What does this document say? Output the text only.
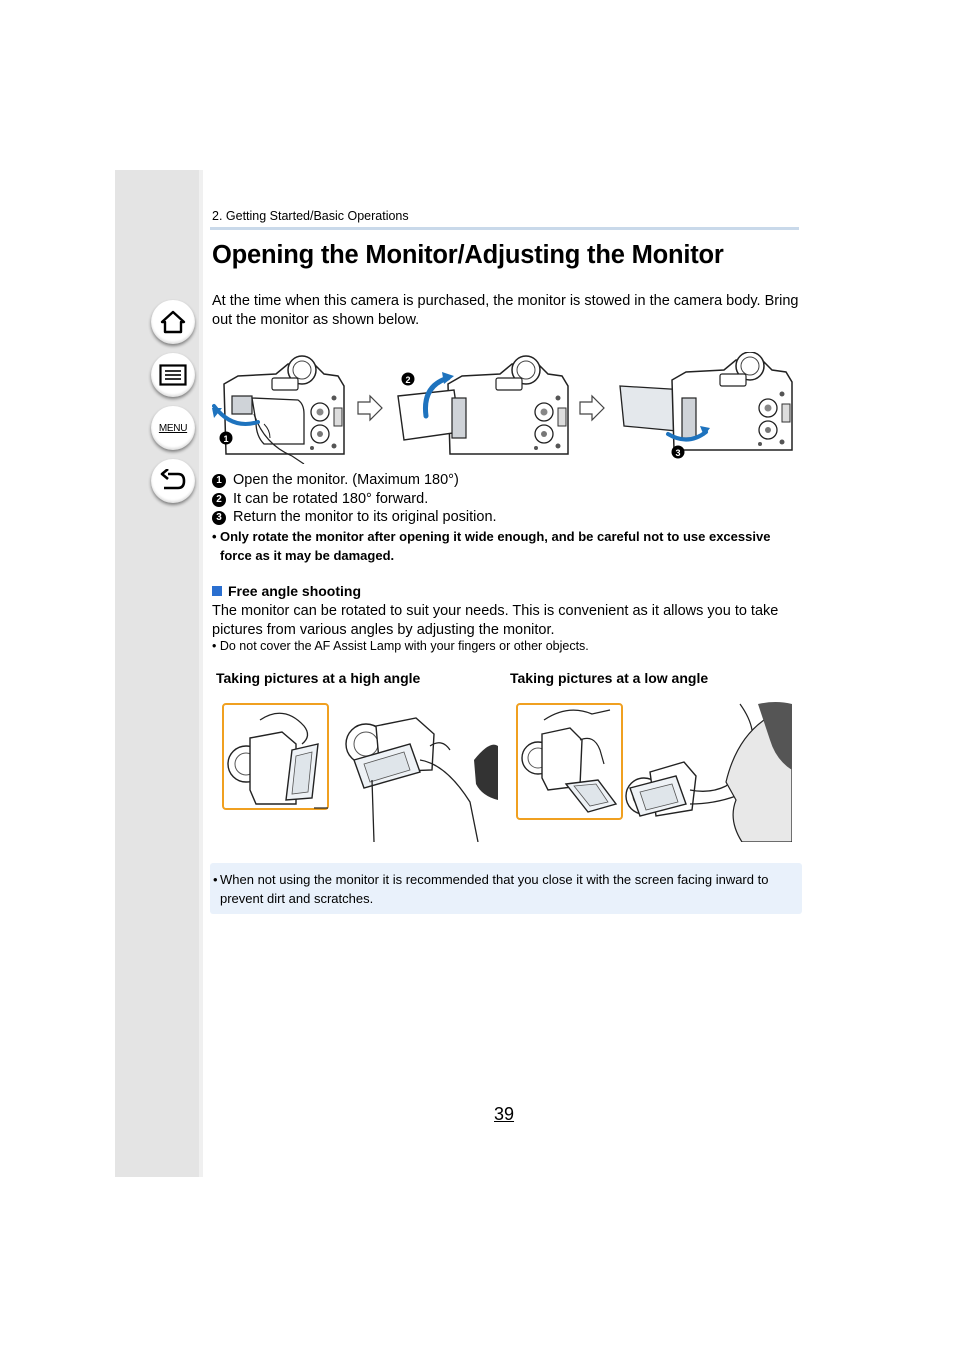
MENU
2. Getting Started/Basic Operations
Opening the Monitor/Adjusting the Monitor

At the time when this camera is purchased, the monitor is stowed in the camera body. Bring out the monitor as shown below.

1
2
3
1 Open the monitor. (Maximum 180°)
2 It can be rotated 180° forward.
3 Return the monitor to its original position.
• Only rotate the monitor after opening it wide enough, and be careful not to use excessive force as it may be damaged.
Free angle shooting

The monitor can be rotated to suit your needs. This is convenient as it allows you to take pictures from various angles by adjusting the monitor.

• Do not cover the AF Assist Lamp with your fingers or other objects.
Taking pictures at a high angle	Taking pictures at a low angle
• When not using the monitor it is recommended that you close it with the screen facing inward to prevent dirt and scratches.
39
